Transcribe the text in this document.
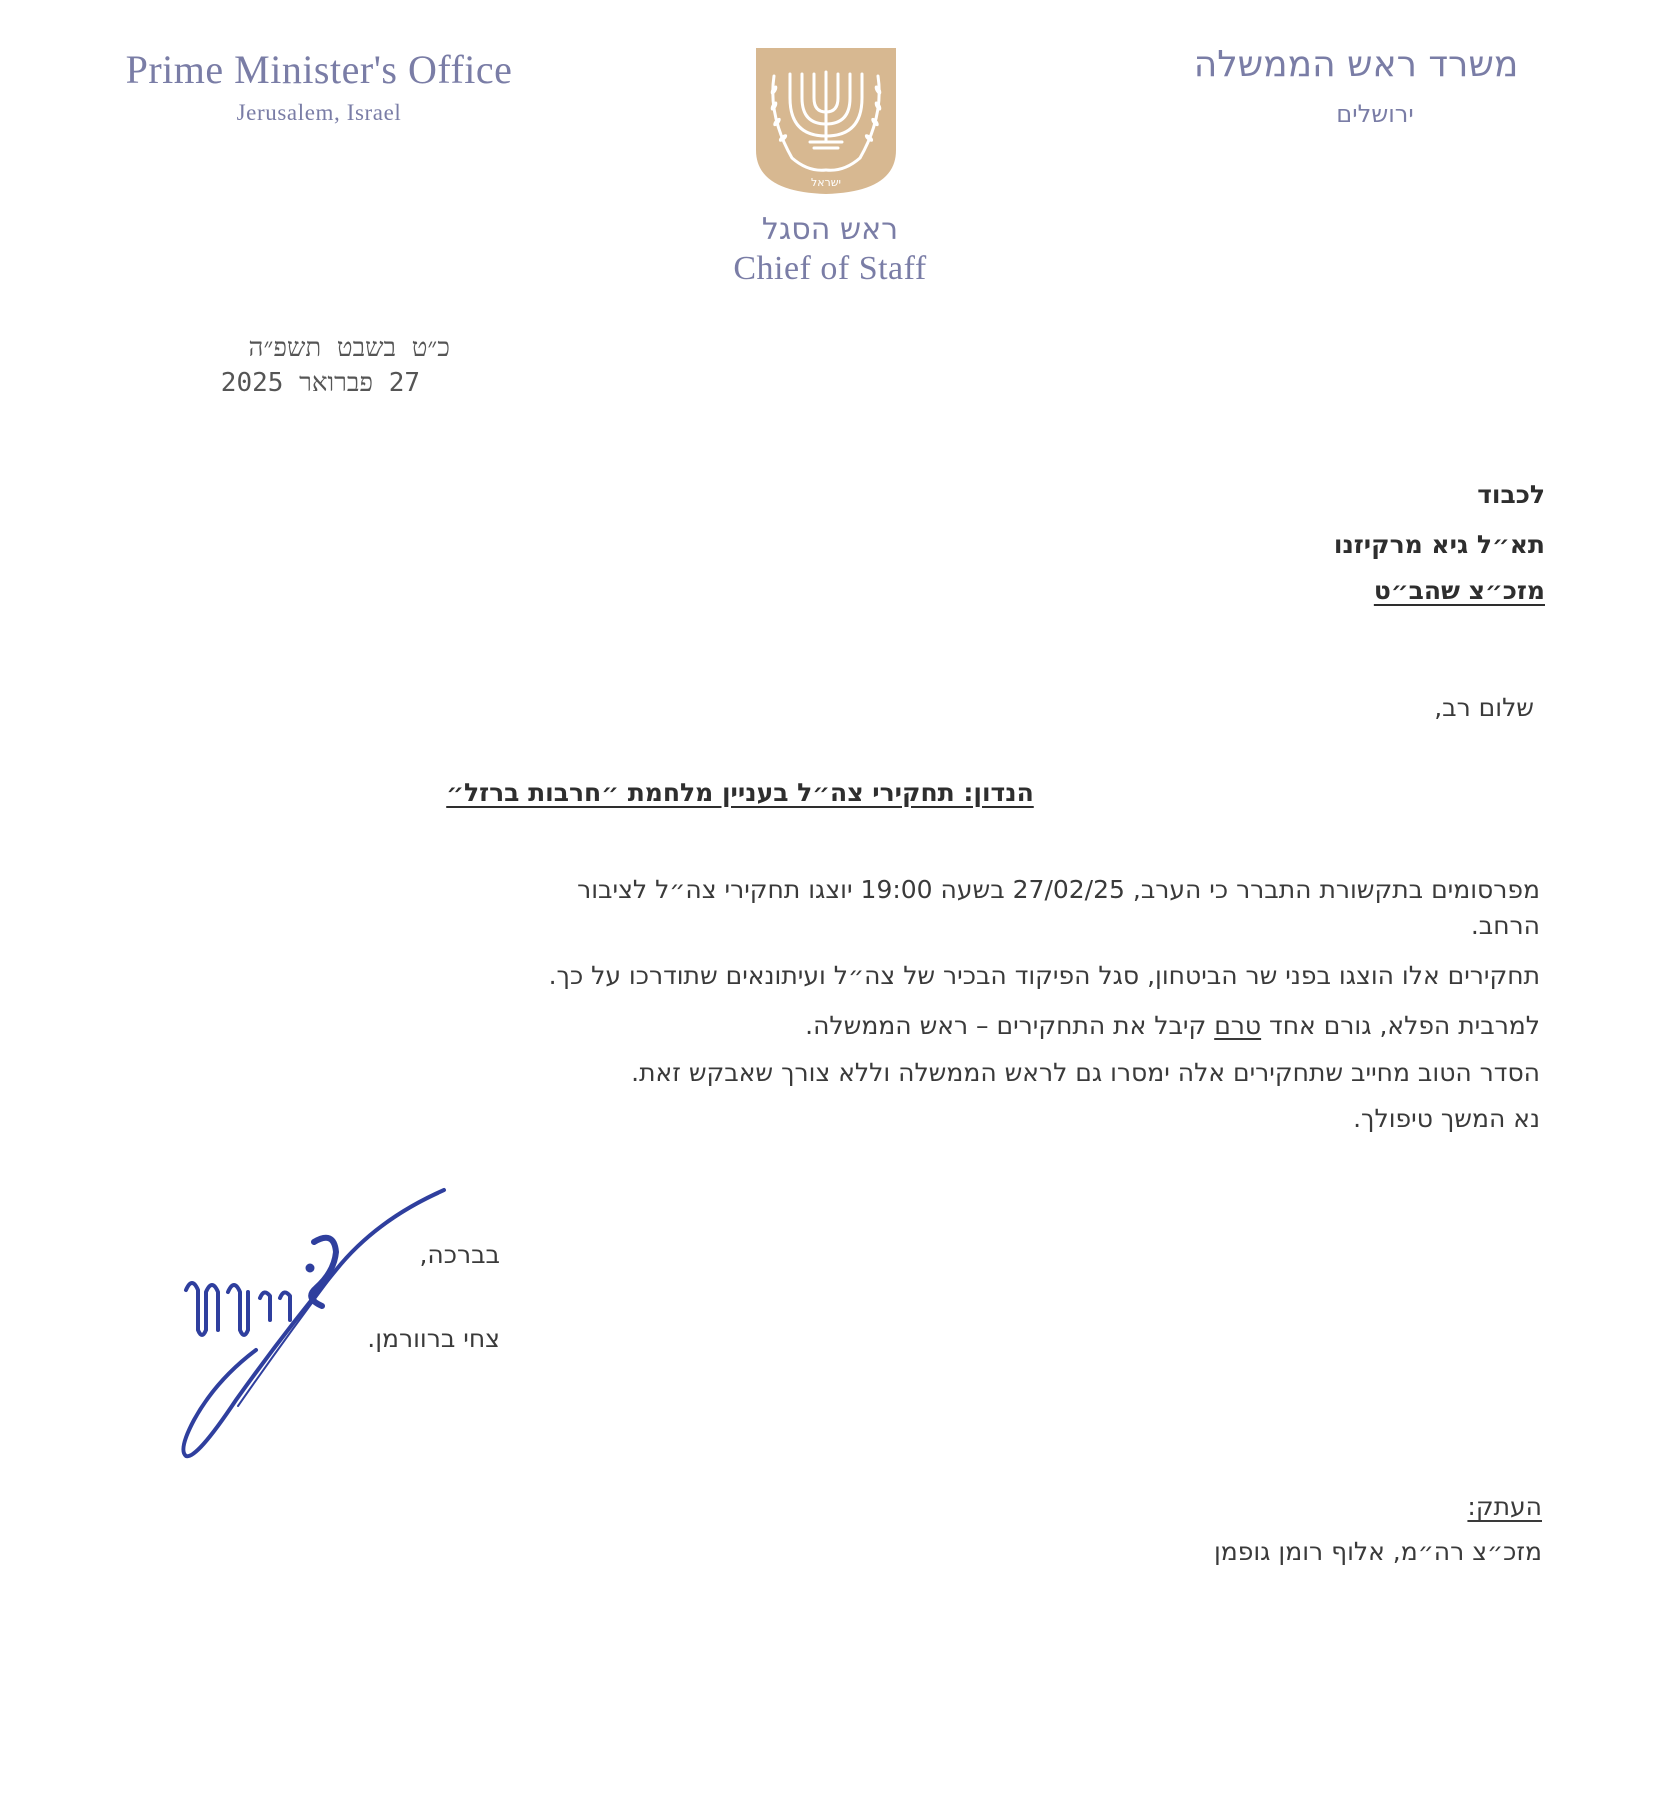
Prime Minister's Office
Jerusalem, Israel
משרד ראש הממשלה
ירושלים
ישראל
ראש הסגל
Chief of Staff
כ״ט בשבט תשפ״ה
27 פברואר 2025
לכבוד
תא״ל גיא מרקיזנו
מזכ״צ שהב״ט
שלום רב,
הנדון: תחקירי צה״ל בעניין מלחמת ״חרבות ברזל״
מפרסומים בתקשורת התברר כי הערב, 27/02/25 בשעה 19:00 יוצגו תחקירי צה״ל לציבור
הרחב.
תחקירים אלו הוצגו בפני שר הביטחון, סגל הפיקוד הבכיר של צה״ל ועיתונאים שתודרכו על כך.
למרבית הפלא, גורם אחד טרם קיבל את התחקירים – ראש הממשלה.
הסדר הטוב מחייב שתחקירים אלה ימסרו גם לראש הממשלה וללא צורך שאבקש זאת.
נא המשך טיפולך.
בברכה,
צחי ברוורמן.
צחי ברוורמן
העתק:
מזכ״צ רה״מ, אלוף רומן גופמן
